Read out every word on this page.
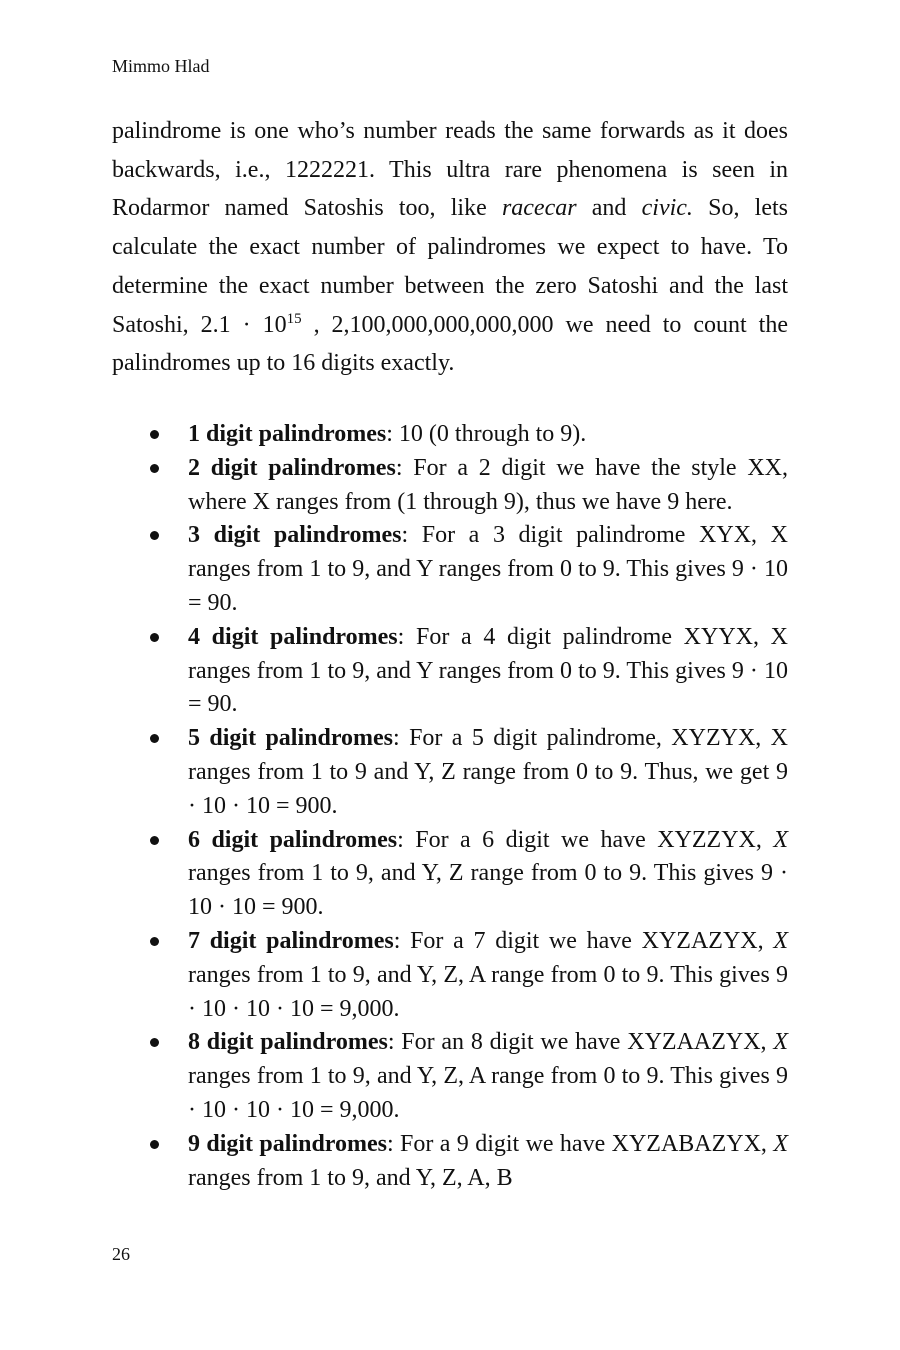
Mimmo Hlad

palindrome is one who’s number reads the same forwards as it does backwards, i.e., 1222221. This ultra rare phenomena is seen in Rodarmor named Satoshis too, like racecar and civic. So, lets calculate the exact number of palindromes we expect to have. To determine the exact number between the zero Satoshi and the last Satoshi, $2.1 \cdot 10^{15}$ , 2,100,000,000,000,000 we need to count the palindromes up to 16 digits exactly.

1 digit palindromes: 10 (0 through to 9).
2 digit palindromes: For a 2 digit we have the style XX, where X ranges from (1 through 9), thus we have 9 here.
3 digit palindromes: For a 3 digit palindrome XYX, X ranges from 1 to 9, and Y ranges from 0 to 9. This gives 9 · 10 = 90.
4 digit palindromes: For a 4 digit palindrome XYYX, X ranges from 1 to 9, and Y ranges from 0 to 9. This gives 9 · 10 = 90.
5 digit palindromes: For a 5 digit palindrome, XYZYX, X ranges from 1 to 9 and Y, Z range from 0 to 9. Thus, we get 9 · 10 · 10 = 900.
6 digit palindromes: For a 6 digit we have XYZZYX, X ranges from 1 to 9, and Y, Z range from 0 to 9. This gives 9 · 10 · 10 = 900.
7 digit palindromes: For a 7 digit we have XYZAZYX, X ranges from 1 to 9, and Y, Z, A range from 0 to 9. This gives 9 · 10 · 10 · 10 = 9,000.
8 digit palindromes: For an 8 digit we have XYZAAZYX, X ranges from 1 to 9, and Y, Z, A range from 0 to 9. This gives 9 · 10 · 10 · 10 = 9,000.
9 digit palindromes: For a 9 digit we have XYZABAZYX, X ranges from 1 to 9, and Y, Z, A, B
26
